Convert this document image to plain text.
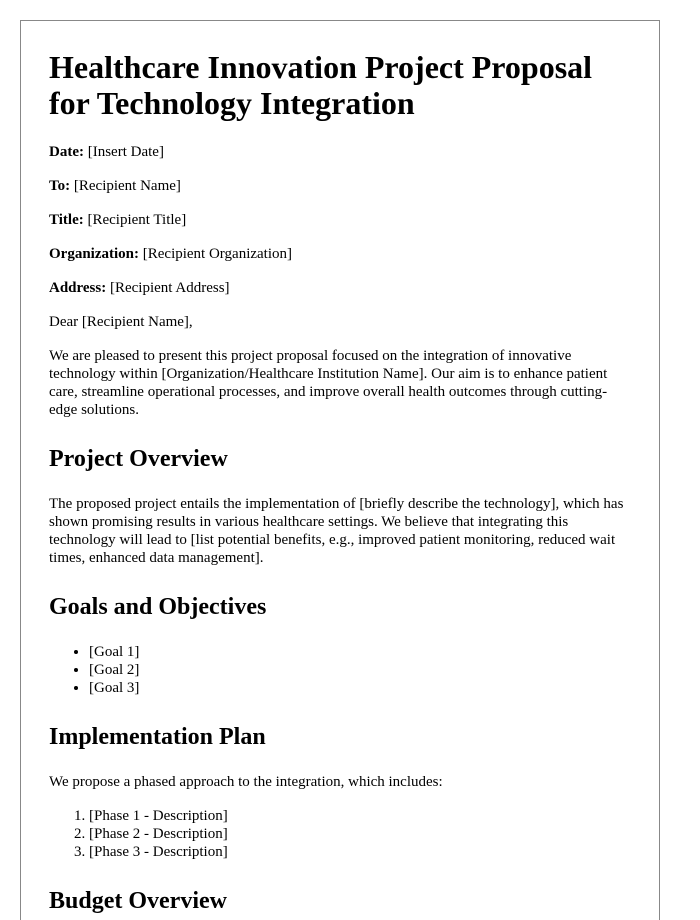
Healthcare Innovation Project Proposal for Technology Integration
Date: [Insert Date]
To: [Recipient Name]
Title: [Recipient Title]
Organization: [Recipient Organization]
Address: [Recipient Address]

Dear [Recipient Name],

We are pleased to present this project proposal focused on the integration of innovative technology within [Organization/Healthcare Institution Name]. Our aim is to enhance patient care, streamline operational processes, and improve overall health outcomes through cutting-edge solutions.

Project Overview

The proposed project entails the implementation of [briefly describe the technology], which has shown promising results in various healthcare settings. We believe that integrating this technology will lead to [list potential benefits, e.g., improved patient monitoring, reduced wait times, enhanced data management].

Goals and Objectives
• [Goal 1]
• [Goal 2]
• [Goal 3]
Implementation Plan

We propose a phased approach to the integration, which includes:

1. [Phase 1 - Description]
2. [Phase 2 - Description]
3. [Phase 3 - Description]
Budget Overview
